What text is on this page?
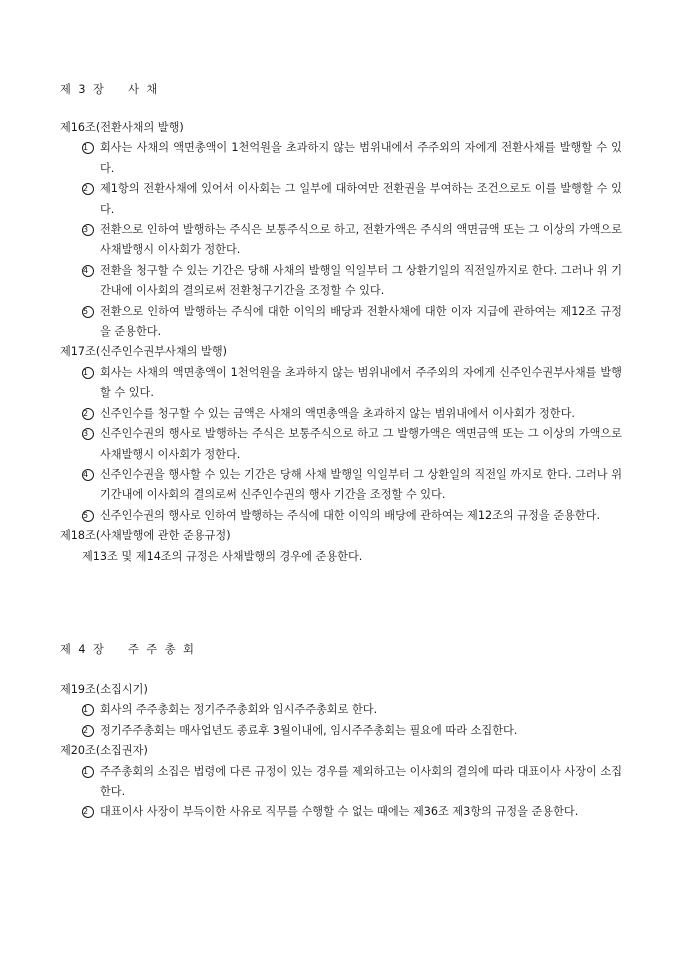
제 3 장    사 채
제16조(전환사채의 발행)
1	회사는 사채의 액면총액이 1천억원을 초과하지 않는 범위내에서 주주외의 자에게 전환사채를 발행할 수 있다.
2	제1항의 전환사채에 있어서 이사회는 그 일부에 대하여만 전환권을 부여하는 조건으로도 이를 발행할 수 있다.
3	전환으로 인하여 발행하는 주식은 보통주식으로 하고, 전환가액은 주식의 액면금액 또는 그 이상의 가액으로 사채발행시 이사회가 정한다.
4	전환을 청구할 수 있는 기간은 당해 사채의 발행일 익일부터 그 상환기일의 직전일까지로 한다. 그러나 위 기간내에 이사회의 결의로써 전환청구기간을 조정할 수 있다.
5	전환으로 인하여 발행하는 주식에 대한 이익의 배당과 전환사채에 대한 이자 지급에 관하여는 제12조 규정을 준용한다.
제17조(신주인수권부사채의 발행)
1	회사는 사채의 액면총액이 1천억원을 초과하지 않는 범위내에서 주주외의 자에게 신주인수권부사채를 발행할 수 있다.
2	신주인수를 청구할 수 있는 금액은 사채의 액면총액을 초과하지 않는 범위내에서 이사회가 정한다.
3	신주인수권의 행사로 발행하는 주식은 보통주식으로 하고 그 발행가액은 액면금액 또는 그 이상의 가액으로 사채발행시 이사회가 정한다.
4	신주인수권을 행사할 수 있는 기간은 당해 사채 발행일 익일부터 그 상환일의 직전일 까지로 한다. 그러나 위 기간내에 이사회의 결의로써 신주인수권의 행사 기간을 조정할 수 있다.
5	신주인수권의 행사로 인하여 발행하는 주식에 대한 이익의 배당에 관하여는 제12조의 규정을 준용한다.
제18조(사채발행에 관한 준용규정)
제13조 및 제14조의 규정은 사채발행의 경우에 준용한다.
제 4 장    주 주 총 회
제19조(소집시기)
1	회사의 주주총회는 정기주주총회와 임시주주총회로 한다.
2	정기주주총회는 매사업년도 종료후 3월이내에, 임시주주총회는 필요에 따라 소집한다.
제20조(소집권자)
1	주주총회의 소집은 법령에 다른 규정이 있는 경우를 제외하고는 이사회의 결의에 따라 대표이사 사장이 소집한다.
2	대표이사 사장이 부득이한 사유로 직무를 수행할 수 없는 때에는 제36조 제3항의 규정을 준용한다.
